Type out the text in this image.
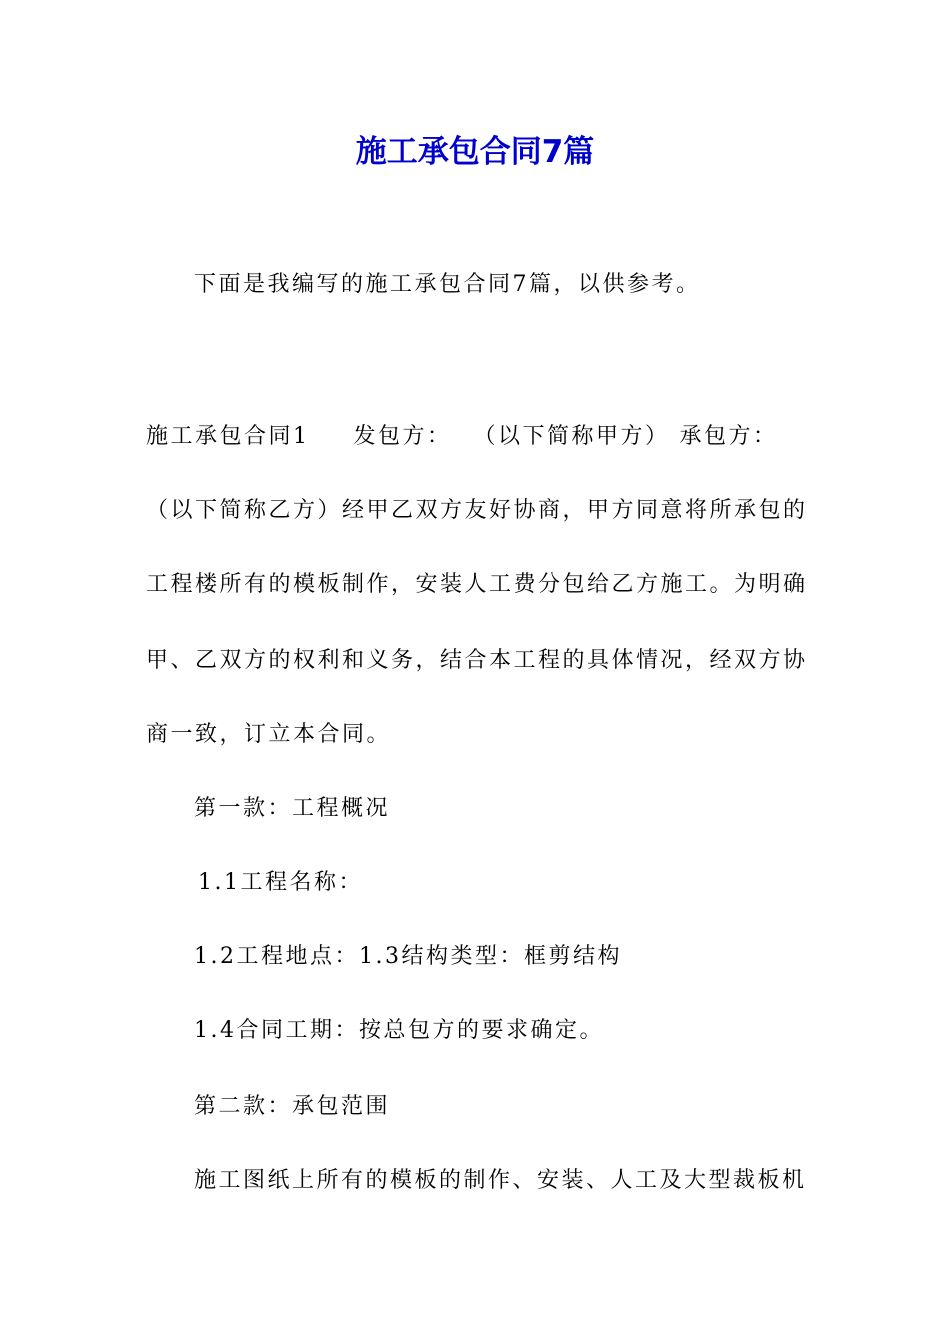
施工承包合同7篇

下面是我编写的施工承包合同7篇，以供参考。

施工承包合同1 发包方： （以下简称甲方） 承包方：

（以下简称乙方）经甲乙双方友好协商，甲方同意将所承包的

工程楼所有的模板制作，安装人工费分包给乙方施工。为明确

甲、乙双方的权利和义务，结合本工程的具体情况，经双方协

商一致，订立本合同。

第一款：工程概况

1.1工程名称：

1.2工程地点：1.3结构类型：框剪结构

1.4合同工期：按总包方的要求确定。

第二款：承包范围

施工图纸上所有的模板的制作、安装、人工及大型裁板机
